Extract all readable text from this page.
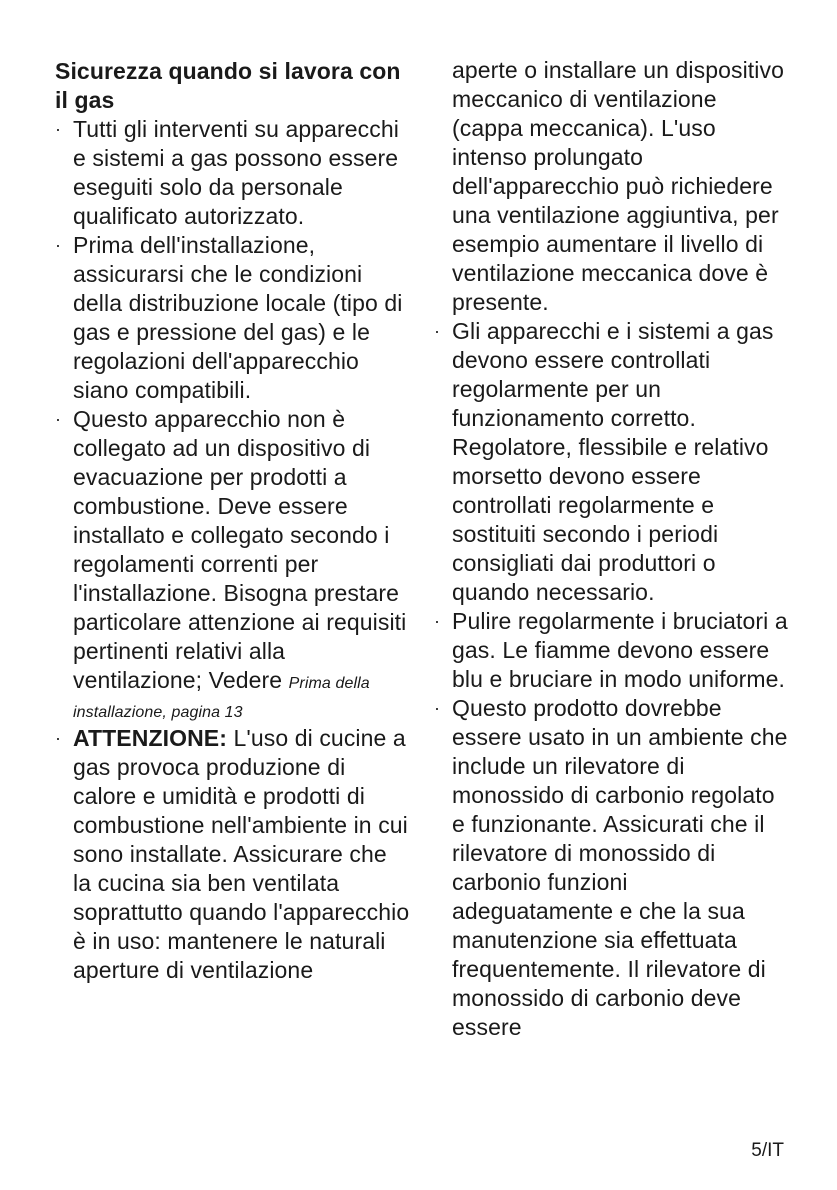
Sicurezza quando si lavora con il gas
· Tutti gli interventi su apparecchi e sistemi a gas possono essere eseguiti solo da personale qualificato autorizzato.
· Prima dell'installazione, assicurarsi che le condizioni della distribuzione locale (tipo di gas e pressione del gas) e le regolazioni dell'apparecchio siano compatibili.
· Questo apparecchio non è collegato ad un dispositivo di evacuazione per prodotti a combustione. Deve essere installato e collegato secondo i regolamenti correnti per l'installazione. Bisogna prestare particolare attenzione ai requisiti pertinenti relativi alla ventilazione; Vedere Prima della installazione, pagina 13
· ATTENZIONE: L'uso di cucine a gas provoca produzione di calore e umidità e prodotti di combustione nell'ambiente in cui sono installate. Assicurare che la cucina sia ben ventilata soprattutto quando l'apparecchio è in uso: mantenere le naturali aperture di ventilazione
aperte o installare un dispositivo meccanico di ventilazione (cappa meccanica). L'uso intenso prolungato dell'apparecchio può richiedere una ventilazione aggiuntiva, per esempio aumentare il livello di ventilazione meccanica dove è presente.
· Gli apparecchi e i sistemi a gas devono essere controllati regolarmente per un funzionamento corretto. Regolatore, flessibile e relativo morsetto devono essere controllati regolarmente e sostituiti secondo i periodi consigliati dai produttori o quando necessario.
· Pulire regolarmente i bruciatori a gas. Le fiamme devono essere blu e bruciare in modo uniforme.
· Questo prodotto dovrebbe essere usato in un ambiente che include un rilevatore di monossido di carbonio regolato e funzionante. Assicurati che il rilevatore di monossido di carbonio funzioni adeguatamente e che la sua manutenzione sia effettuata frequentemente. Il rilevatore di monossido di carbonio deve essere
5/IT
